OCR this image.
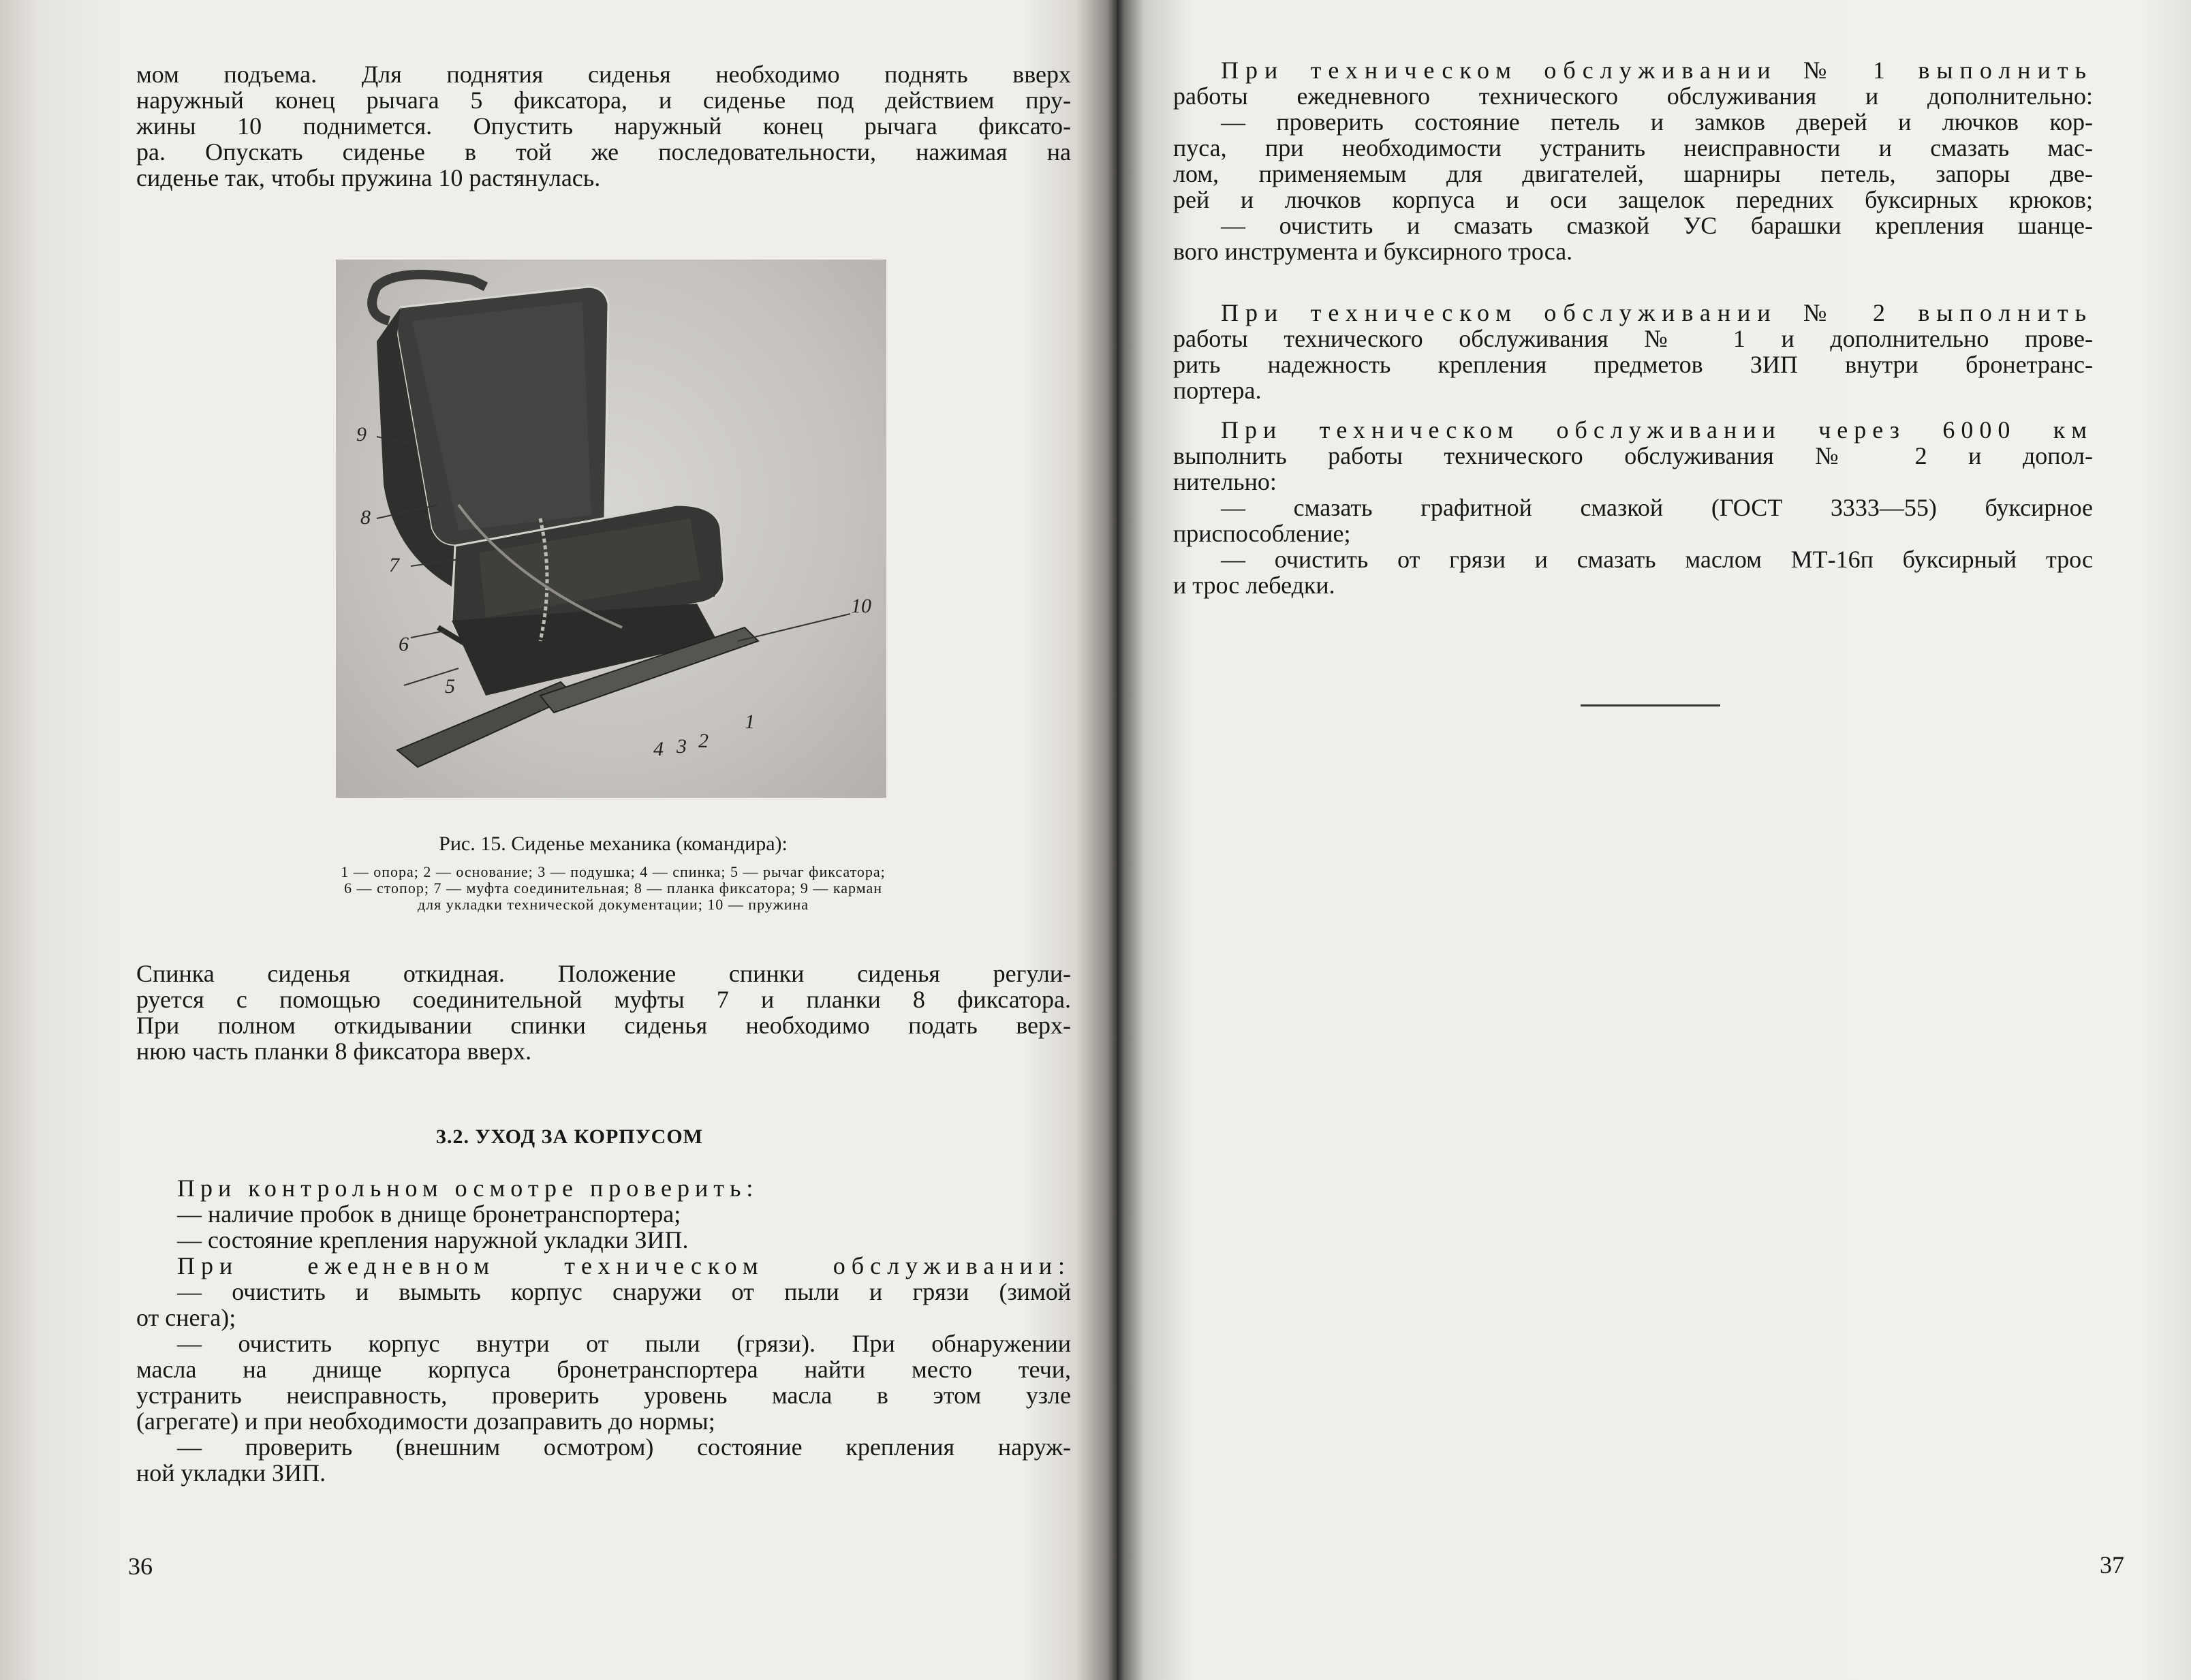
мом подъема. Для поднятия сиденья необходимо поднять вверх

наружный конец рычага 5 фиксатора, и сиденье под действием пру-

жины 10 поднимется. Опустить наружный конец рычага фиксато-

ра. Опускать сиденье в той же последовательности, нажимая на

сиденье так, чтобы пружина 10 растянулась.

9
8
7
6
5
4 3 2
1
10
Рис. 15. Сиденье механика (командира):
1 — опора; 2 — основание; 3 — подушка; 4 — спинка; 5 — рычаг фиксатора;
6 — стопор; 7 — муфта соединительная; 8 — планка фиксатора; 9 — карман
для укладки технической документации; 10 — пружина

Спинка сиденья откидная. Положение спинки сиденья регули-

руется с помощью соединительной муфты 7 и планки 8 фиксатора.

При полном откидывании спинки сиденья необходимо подать верх-

нюю часть планки 8 фиксатора вверх.

3.2. УХОД ЗА КОРПУСОМ

При контрольном осмотре проверить:

— наличие пробок в днище бронетранспортера;

— состояние крепления наружной укладки ЗИП.

При ежедневном техническом обслуживании:

— очистить и вымыть корпус снаружи от пыли и грязи (зимой

от снега);

— очистить корпус внутри от пыли (грязи). При обнаружении

масла на днище корпуса бронетранспортера найти место течи,

устранить неисправность, проверить уровень масла в этом узле

(агрегате) и при необходимости дозаправить до нормы;

— проверить (внешним осмотром) состояние крепления наруж-

ной укладки ЗИП.

36

При техническом обслуживании № 1 выполнить

работы ежедневного технического обслуживания и дополнительно:

— проверить состояние петель и замков дверей и лючков кор-

пуса, при необходимости устранить неисправности и смазать мас-

лом, применяемым для двигателей, шарниры петель, запоры две-

рей и лючков корпуса и оси защелок передних буксирных крюков;

— очистить и смазать смазкой УС барашки крепления шанце-

вого инструмента и буксирного троса.

При техническом обслуживании № 2 выполнить

работы технического обслуживания № 1 и дополнительно прове-

рить надежность крепления предметов ЗИП внутри бронетранс-

портера.

При техническом обслуживании через 6000 км

выполнить работы технического обслуживания № 2 и допол-

нительно:

— смазать графитной смазкой (ГОСТ 3333—55) буксирное

приспособление;

— очистить от грязи и смазать маслом МТ-16п буксирный трос

и трос лебедки.

37
